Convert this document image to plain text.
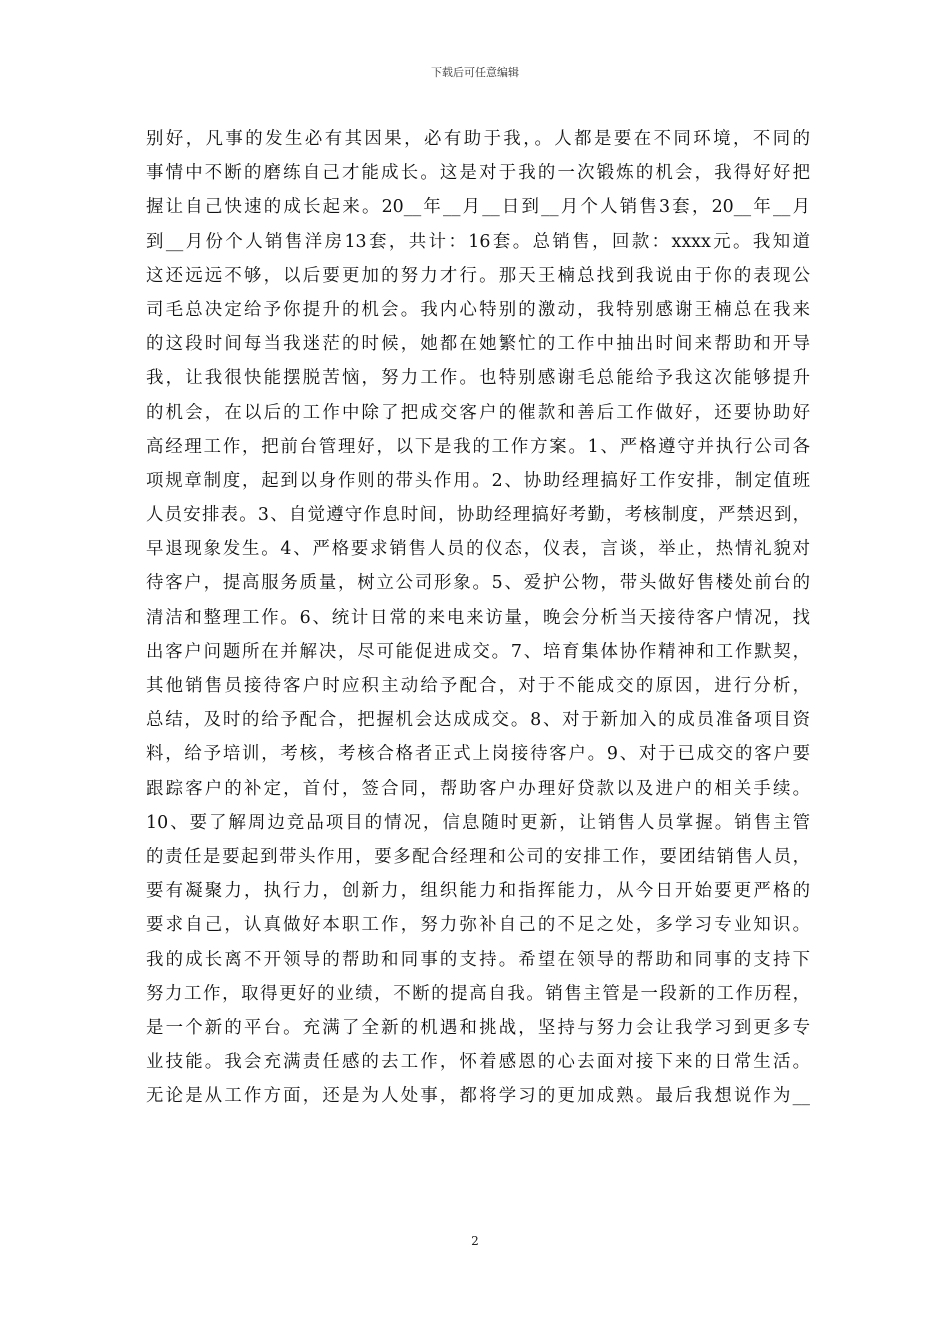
下载后可任意编辑
别好，凡事的发生必有其因果，必有助于我，。人都是要在不同环境，不同的
事情中不断的磨练自己才能成长。这是对于我的一次锻炼的机会，我得好好把
握让自己快速的成长起来。20__年__月__日到__月个人销售3套，20__年__月
到__月份个人销售洋房13套，共计：16套。总销售，回款：xxxx元。我知道
这还远远不够，以后要更加的努力才行。那天王楠总找到我说由于你的表现公
司毛总决定给予你提升的机会。我内心特别的激动，我特别感谢王楠总在我来
的这段时间每当我迷茫的时候，她都在她繁忙的工作中抽出时间来帮助和开导
我，让我很快能摆脱苦恼，努力工作。也特别感谢毛总能给予我这次能够提升
的机会，在以后的工作中除了把成交客户的催款和善后工作做好，还要协助好
高经理工作，把前台管理好，以下是我的工作方案。1、严格遵守并执行公司各
项规章制度，起到以身作则的带头作用。2、协助经理搞好工作安排，制定值班
人员安排表。3、自觉遵守作息时间，协助经理搞好考勤，考核制度，严禁迟到，
早退现象发生。4、严格要求销售人员的仪态，仪表，言谈，举止，热情礼貌对
待客户，提高服务质量，树立公司形象。5、爱护公物，带头做好售楼处前台的
清洁和整理工作。6、统计日常的来电来访量，晚会分析当天接待客户情况，找
出客户问题所在并解决，尽可能促进成交。7、培育集体协作精神和工作默契，
其他销售员接待客户时应积主动给予配合，对于不能成交的原因，进行分析，
总结，及时的给予配合，把握机会达成成交。8、对于新加入的成员准备项目资
料，给予培训，考核，考核合格者正式上岗接待客户。9、对于已成交的客户要
跟踪客户的补定，首付，签合同，帮助客户办理好贷款以及进户的相关手续。
10、要了解周边竞品项目的情况，信息随时更新，让销售人员掌握。销售主管
的责任是要起到带头作用，要多配合经理和公司的安排工作，要团结销售人员，
要有凝聚力，执行力，创新力，组织能力和指挥能力，从今日开始要更严格的
要求自己，认真做好本职工作，努力弥补自己的不足之处，多学习专业知识。
我的成长离不开领导的帮助和同事的支持。希望在领导的帮助和同事的支持下
努力工作，取得更好的业绩，不断的提高自我。销售主管是一段新的工作历程，
是一个新的平台。充满了全新的机遇和挑战，坚持与努力会让我学习到更多专
业技能。我会充满责任感的去工作，怀着感恩的心去面对接下来的日常生活。
无论是从工作方面，还是为人处事，都将学习的更加成熟。最后我想说作为__
2
